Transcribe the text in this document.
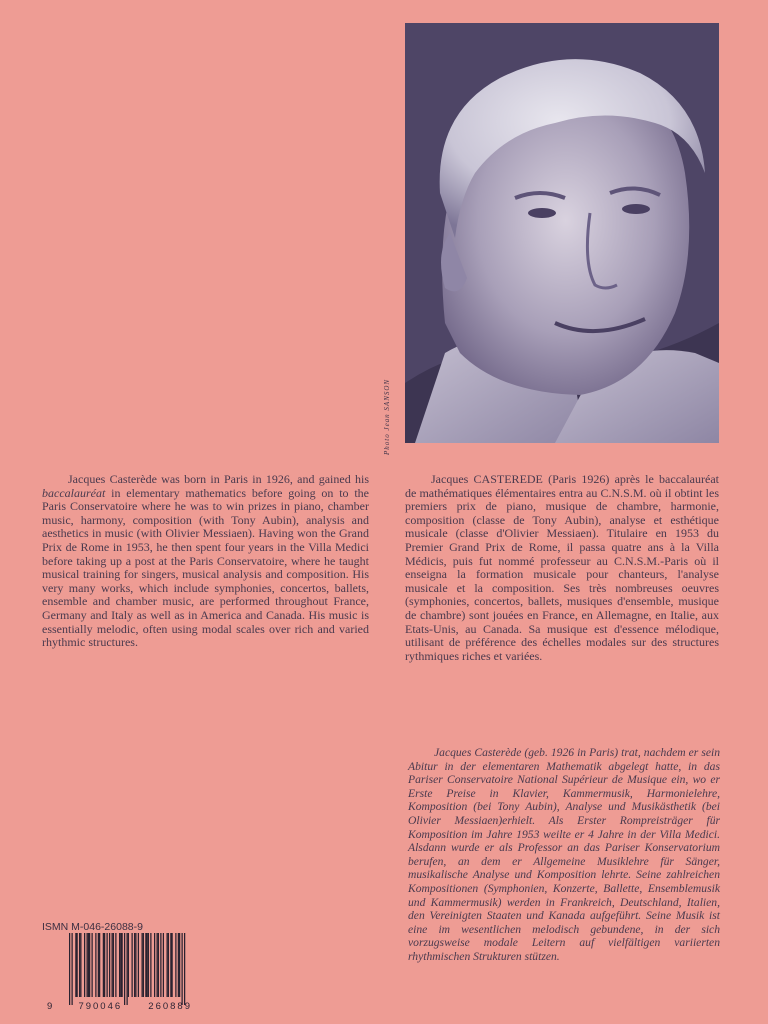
Photo Jean SANSON

Jacques Casterède was born in Paris in 1926, and gained his baccalauréat in elementary mathematics before going on to the Paris Conservatoire where he was to win prizes in piano, chamber music, harmony, composition (with Tony Aubin), analysis and aesthetics in music (with Olivier Messiaen). Having won the Grand Prix de Rome in 1953, he then spent four years in the Villa Medici before taking up a post at the Paris Conservatoire, where he taught musical training for singers, musical analysis and composition. His very many works, which include symphonies, concertos, ballets, ensemble and chamber music, are performed throughout France, Germany and Italy as well as in America and Canada. His music is essentially melodic, often using modal scales over rich and varied rhythmic structures.

Jacques CASTEREDE (Paris 1926) après le baccalauréat de mathématiques élémentaires entra au C.N.S.M. où il obtint les premiers prix de piano, musique de chambre, harmonie, composition (classe de Tony Aubin), analyse et esthétique musicale (classe d'Olivier Messiaen). Titulaire en 1953 du Premier Grand Prix de Rome, il passa quatre ans à la Villa Médicis, puis fut nommé professeur au C.N.S.M.-Paris où il enseigna la formation musicale pour chanteurs, l'analyse musicale et la composition. Ses très nombreuses oeuvres (symphonies, concertos, ballets, musiques d'ensemble, musique de chambre) sont jouées en France, en Allemagne, en Italie, aux Etats-Unis, au Canada. Sa musique est d'essence mélodique, utilisant de préférence des échelles modales sur des structures rythmiques riches et variées.

Jacques Casterède (geb. 1926 in Paris) trat, nachdem er sein Abitur in der elementaren Mathematik abgelegt hatte, in das Pariser Conservatoire National Supérieur de Musique ein, wo er Erste Preise in Klavier, Kammermusik, Harmonielehre, Komposition (bei Tony Aubin), Analyse und Musikästhetik (bei Olivier Messiaen)erhielt. Als Erster Rompreisträger für Komposition im Jahre 1953 weilte er 4 Jahre in der Villa Medici. Alsdann wurde er als Professor an das Pariser Konservatorium berufen, an dem er Allgemeine Musiklehre für Sänger, musikalische Analyse und Komposition lehrte. Seine zahlreichen Kompositionen (Symphonien, Konzerte, Ballette, Ensemblemusik und Kammermusik) werden in Frankreich, Deutschland, Italien, den Vereinigten Staaten und Kanada aufgeführt. Seine Musik ist eine im wesentlichen melodisch gebundene, in der sich vorzugsweise modale Leitern auf vielfältigen variierten rhythmischen Strukturen stützen.

ISMN M-046-26088-9
9	790046	260889
